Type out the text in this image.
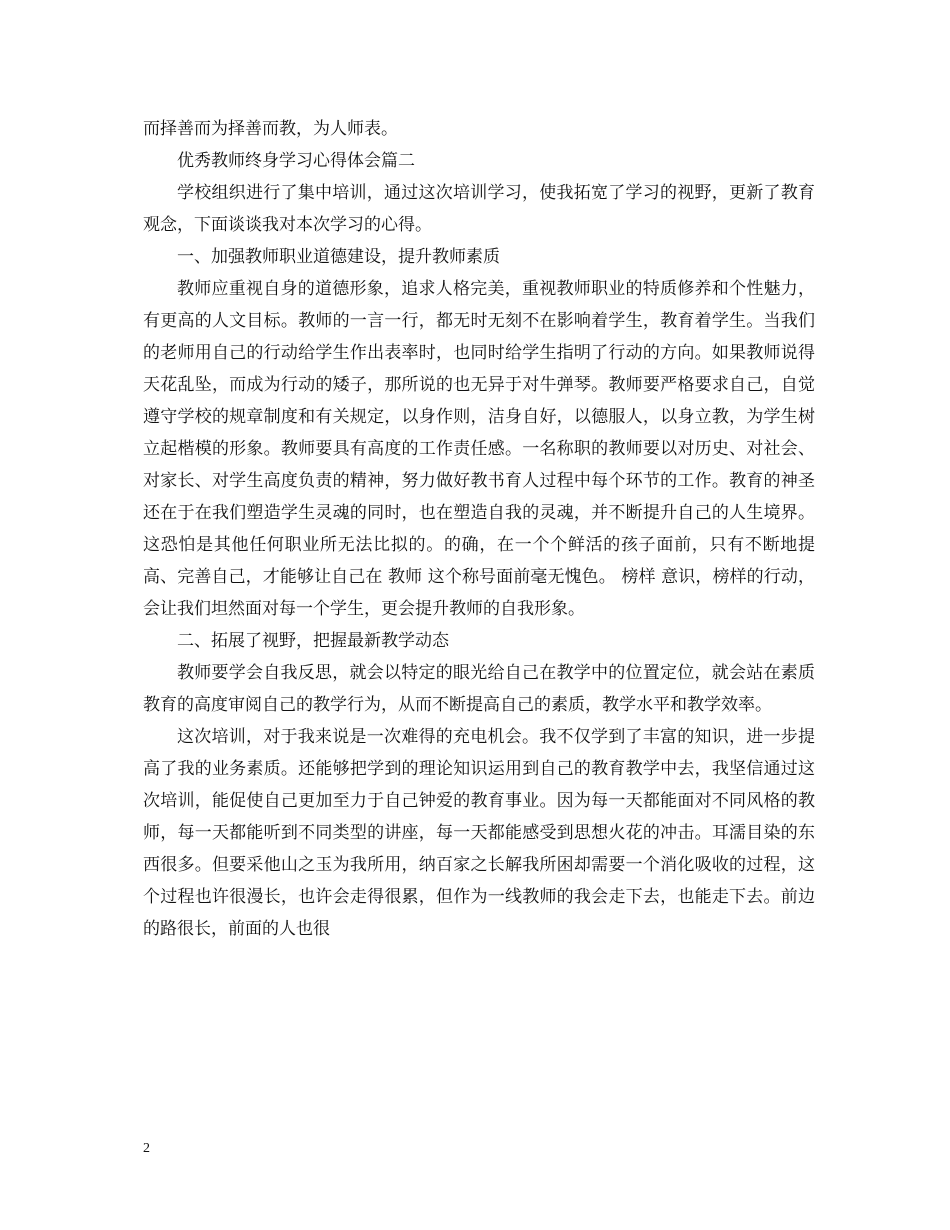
而择善而为择善而教，为人师表。

优秀教师终身学习心得体会篇二

学校组织进行了集中培训，通过这次培训学习，使我拓宽了学习的视野，更新了教育观念，下面谈谈我对本次学习的心得。

一、加强教师职业道德建设，提升教师素质

教师应重视自身的道德形象，追求人格完美，重视教师职业的特质修养和个性魅力，有更高的人文目标。教师的一言一行，都无时无刻不在影响着学生，教育着学生。当我们的老师用自己的行动给学生作出表率时，也同时给学生指明了行动的方向。如果教师说得天花乱坠，而成为行动的矮子，那所说的也无异于对牛弹琴。教师要严格要求自己，自觉遵守学校的规章制度和有关规定，以身作则，洁身自好，以德服人，以身立教，为学生树立起楷模的形象。教师要具有高度的工作责任感。一名称职的教师要以对历史、对社会、对家长、对学生高度负责的精神，努力做好教书育人过程中每个环节的工作。教育的神圣还在于在我们塑造学生灵魂的同时，也在塑造自我的灵魂，并不断提升自己的人生境界。这恐怕是其他任何职业所无法比拟的。的确，在一个个鲜活的孩子面前，只有不断地提高、完善自己，才能够让自己在 教师 这个称号面前毫无愧色。 榜样 意识，榜样的行动，会让我们坦然面对每一个学生，更会提升教师的自我形象。

二、拓展了视野，把握最新教学动态

教师要学会自我反思，就会以特定的眼光给自己在教学中的位置定位，就会站在素质教育的高度审阅自己的教学行为，从而不断提高自己的素质，教学水平和教学效率。

这次培训，对于我来说是一次难得的充电机会。我不仅学到了丰富的知识，进一步提高了我的业务素质。还能够把学到的理论知识运用到自己的教育教学中去，我坚信通过这次培训，能促使自己更加至力于自己钟爱的教育事业。因为每一天都能面对不同风格的教师，每一天都能听到不同类型的讲座，每一天都能感受到思想火花的冲击。耳濡目染的东西很多。但要采他山之玉为我所用，纳百家之长解我所困却需要一个消化吸收的过程，这个过程也许很漫长，也许会走得很累，但作为一线教师的我会走下去，也能走下去。前边的路很长，前面的人也很

2
